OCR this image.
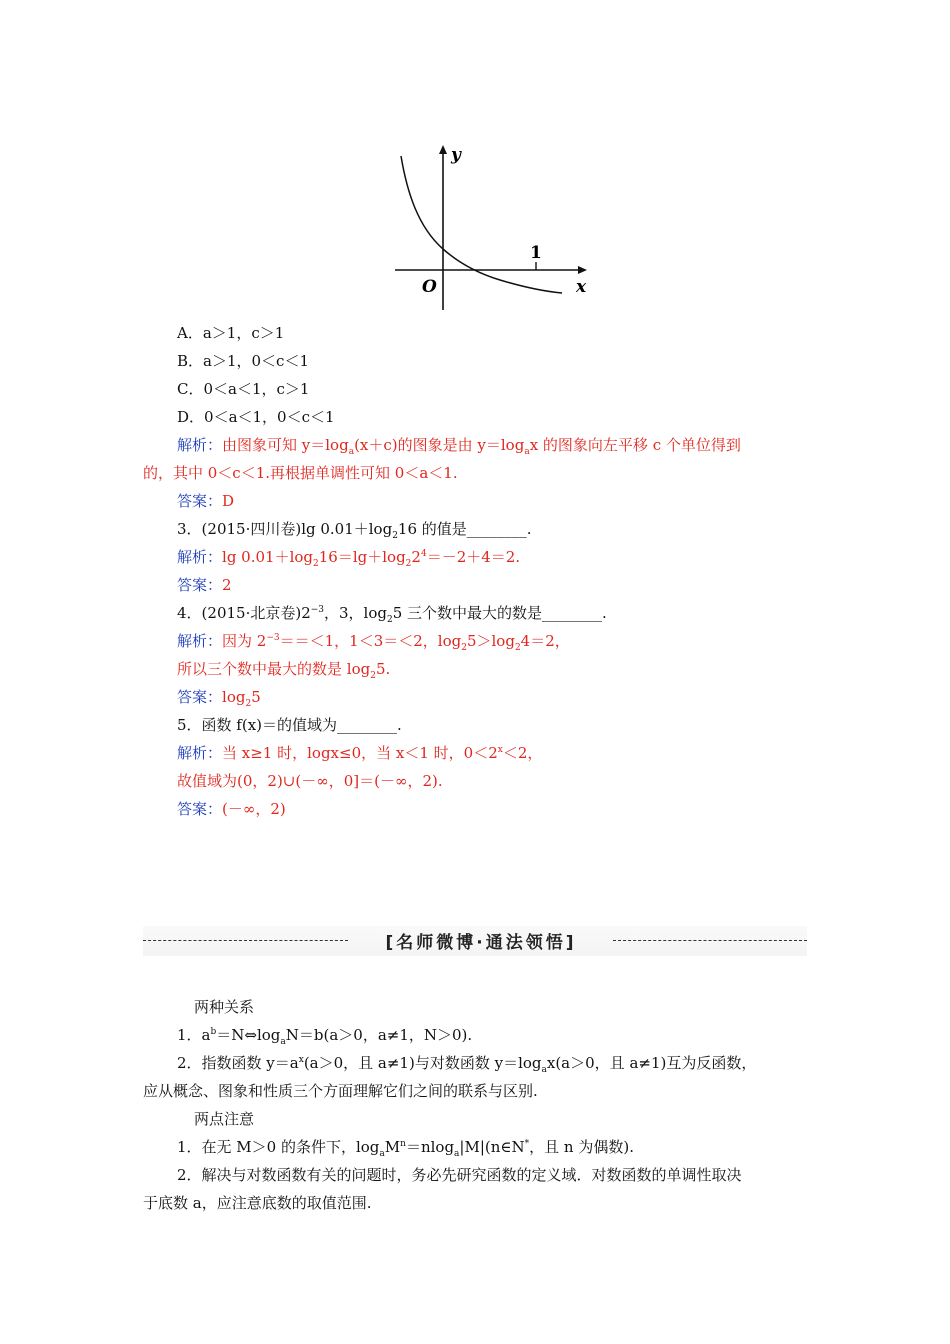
y
x
O
1
A．a＞1，c＞1
B．a＞1，0＜c＜1
C．0＜a＜1，c＞1
D．0＜a＜1，0＜c＜1
解析：由图象可知 $y=\log_a(x+c)$的图象是由 $y=\log_ax$ 的图象向左平移 c 个单位得到
的，其中 0＜c＜1.再根据单调性可知 0＜a＜1.
答案：D
3．(2015·四川卷)lg $0.01+\log_216$ 的值是________.
解析：$\lg 0.01+\log_216=\lg+\log_22^4=-2+4=2$.
答案：2
4．(2015·北京卷)$2^{-3}$，3，$\log_25$ 三个数中最大的数是________.
解析：因为 $2^{-3}==<1$，1＜3＝＜2，$\log_25>\log_24=2$，
所以三个数中最大的数是 $\log_25$.
答案：$\log_25$
5．函数 f(x)＝的值域为________.
解析：当 x≥1 时，logx≤0，当 x＜1 时，$0<2^x<2$，
故值域为(0，2)∪(－∞，0]＝(－∞，2).
答案：(－∞，2)
[名师微博·通法领悟]
两种关系
1．$a^b=N\Leftrightarrow\log_aN=b(a>0$，a≠1，N＞0).
2．指数函数 $y=a^x(a>0$，且 a≠1)与对数函数 $y=\log_ax(a>0$，且 a≠1)互为反函数，
应从概念、图象和性质三个方面理解它们之间的联系与区别.
两点注意
1．在无 M＞0 的条件下，$\log_aM^n=nlog_a|M|(n\in N^*$，且 n 为偶数).
2．解决与对数函数有关的问题时，务必先研究函数的定义域．对数函数的单调性取决
于底数 a，应注意底数的取值范围.
